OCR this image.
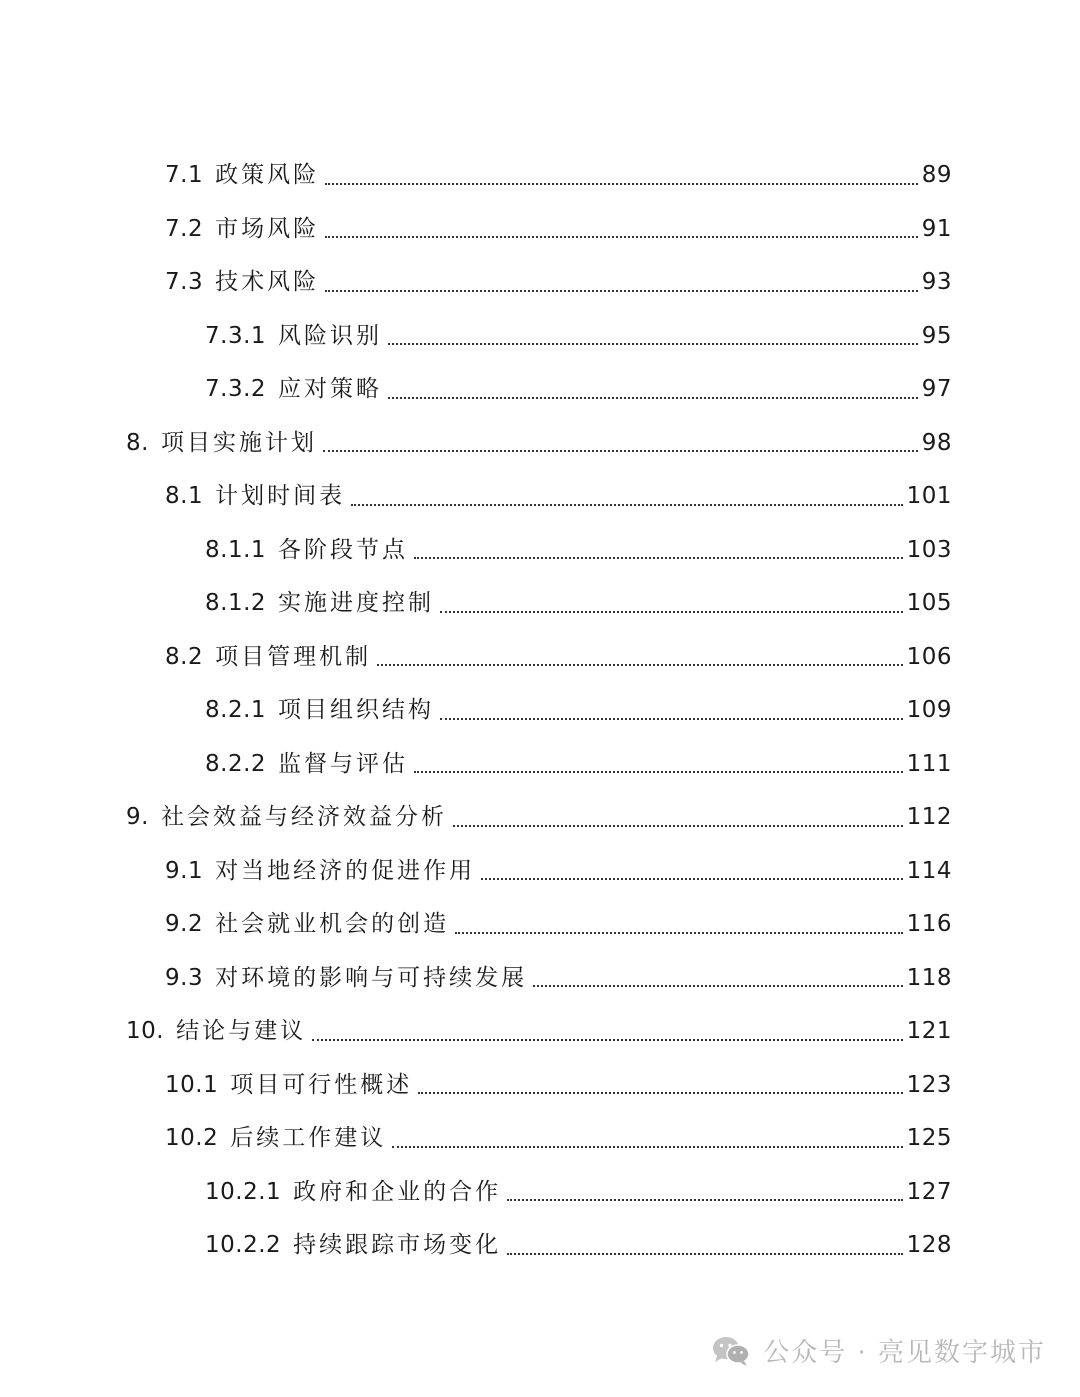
7.1 政策风险	89
7.2 市场风险	91
7.3 技术风险	93
7.3.1 风险识别	95
7.3.2 应对策略	97
8. 项目实施计划	98
8.1 计划时间表	101
8.1.1 各阶段节点	103
8.1.2 实施进度控制	105
8.2 项目管理机制	106
8.2.1 项目组织结构	109
8.2.2 监督与评估	111
9. 社会效益与经济效益分析	112
9.1 对当地经济的促进作用	114
9.2 社会就业机会的创造	116
9.3 对环境的影响与可持续发展	118
10. 结论与建议	121
10.1 项目可行性概述	123
10.2 后续工作建议	125
10.2.1 政府和企业的合作	127
10.2.2 持续跟踪市场变化	128
公众号 · 亮见数字城市
